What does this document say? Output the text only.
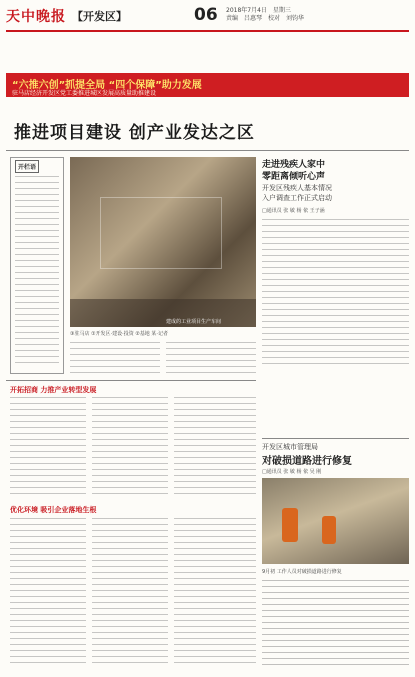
天中晚报 【开发区】	06 2018年7月4日　星期三
责编　吕惠琴　校对　刘钧华
“六推六创”抓提全局 “四个保障”助力发展
驻马店经济开发区党工委推进城区发展高质量助推建设
推进项目建设 创产业发达之区
开栏语
建成的工业项目生产车间
③驻马店 ①开发区·建设·投资 ②基地 某·记者
走进残疾人家中
零距离倾听心声
开发区残疾人基本情况
入户调查工作正式启动
□通讯员 张 敏 杨 依 王子涵
开拓招商 力推产业转型发展
优化环境 吸引企业落地生根
开发区城市管理局
对破损道路进行修复
□通讯员 张 敏 杨 依 吴 刚
9月初 工作人员对破损道路进行修复
